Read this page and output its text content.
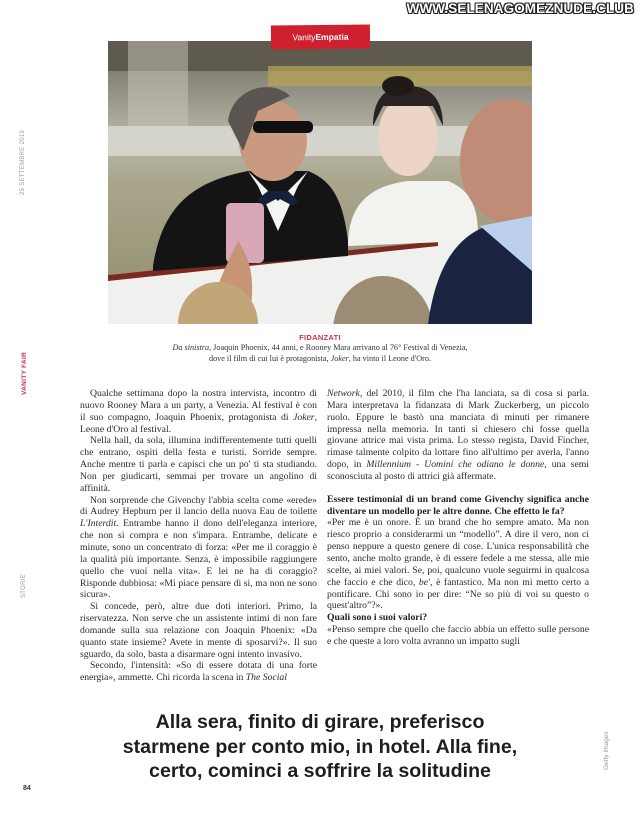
WWW.SELENAGOMEZNUDE.CLUB
Vanity Empatia
25 SETTEMBRE 2019
VANITY FAIR
STORIE
Getty Images
FIDANZATI
Da sinistra, Joaquin Phoenix, 44 anni, e Rooney Mara arrivano al 76° Festival di Venezia,
dove il film di cui lui è protagonista, Joker, ha vinto il Leone d'Oro.

Qualche settimana dopo la nostra intervista, incontro di nuovo Rooney Mara a un party, a Venezia. Al festival è con il suo compagno, Joaquin Phoenix, protagonista di Joker, Leone d'Oro al festival.

Nella hall, da sola, illumina indifferentemente tutti quelli che entrano, ospiti della festa e turisti. Sorride sempre. Anche mentre ti parla e capisci che un po' ti sta studiando. Non per giudicarti, semmai per trovare un angolino di affinità.

Non sorprende che Givenchy l'abbia scelta come «erede» di Audrey Hepburn per il lancio della nuova Eau de toilette L'Interdit. Entrambe hanno il dono dell'eleganza interiore, che non si compra e non s'impara. Entrambe, delicate e minute, sono un concentrato di forza: «Per me il coraggio è la qualità più importante. Senza, è impossibile raggiungere quello che vuoi nella vita». E lei ne ha di coraggio? Risponde dubbiosa: «Mi piace pensare di sì, ma non ne sono sicura».

Si concede, però, altre due doti interiori. Primo, la riservatezza. Non serve che un assistente intimi di non fare domande sulla sua relazione con Joaquin Phoenix: «Da quanto state insieme? Avete in mente di sposarvi?». Il suo sguardo, da solo, basta a disarmare ogni intento invasivo.

Secondo, l'intensità: «So di essere dotata di una forte energia», ammette. Chi ricorda la scena in The Social

Network, del 2010, il film che l'ha lanciata, sa di cosa si parla. Mara interpretava la fidanzata di Mark Zuckerberg, un piccolo ruolo. Eppure le bastò una manciata di minuti per rimanere impressa nella memoria. In tanti si chiesero chi fosse quella giovane attrice mai vista prima. Lo stesso regista, David Fincher, rimase talmente colpito da lottare fino all'ultimo per averla, l'anno dopo, in Millennium - Uomini che odiano le donne, una semi sconosciuta al posto di attrici già affermate.

Essere testimonial di un brand come Givenchy significa anche diventare un modello per le altre donne. Che effetto le fa?

«Per me è un onore. È un brand che ho sempre amato. Ma non riesco proprio a considerarmi un “modello”. A dire il vero, non ci penso neppure a questo genere di cose. L'unica responsabilità che sento, anche molto grande, è di essere fedele a me stessa, alle mie scelte, ai miei valori. Se, poi, qualcuno vuole seguirmi in qualcosa che faccio e che dico, be', è fantastico. Ma non mi metto certo a pontificare. Chi sono io per dire: “Ne so più di voi su questo o quest'altro”?».

Quali sono i suoi valori?

«Penso sempre che quello che faccio abbia un effetto sulle persone e che queste a loro volta avranno un impatto sugli

Alla sera, finito di girare, preferisco
starmene per conto mio, in hotel. Alla fine,
certo, cominci a soffrire la solitudine
84
